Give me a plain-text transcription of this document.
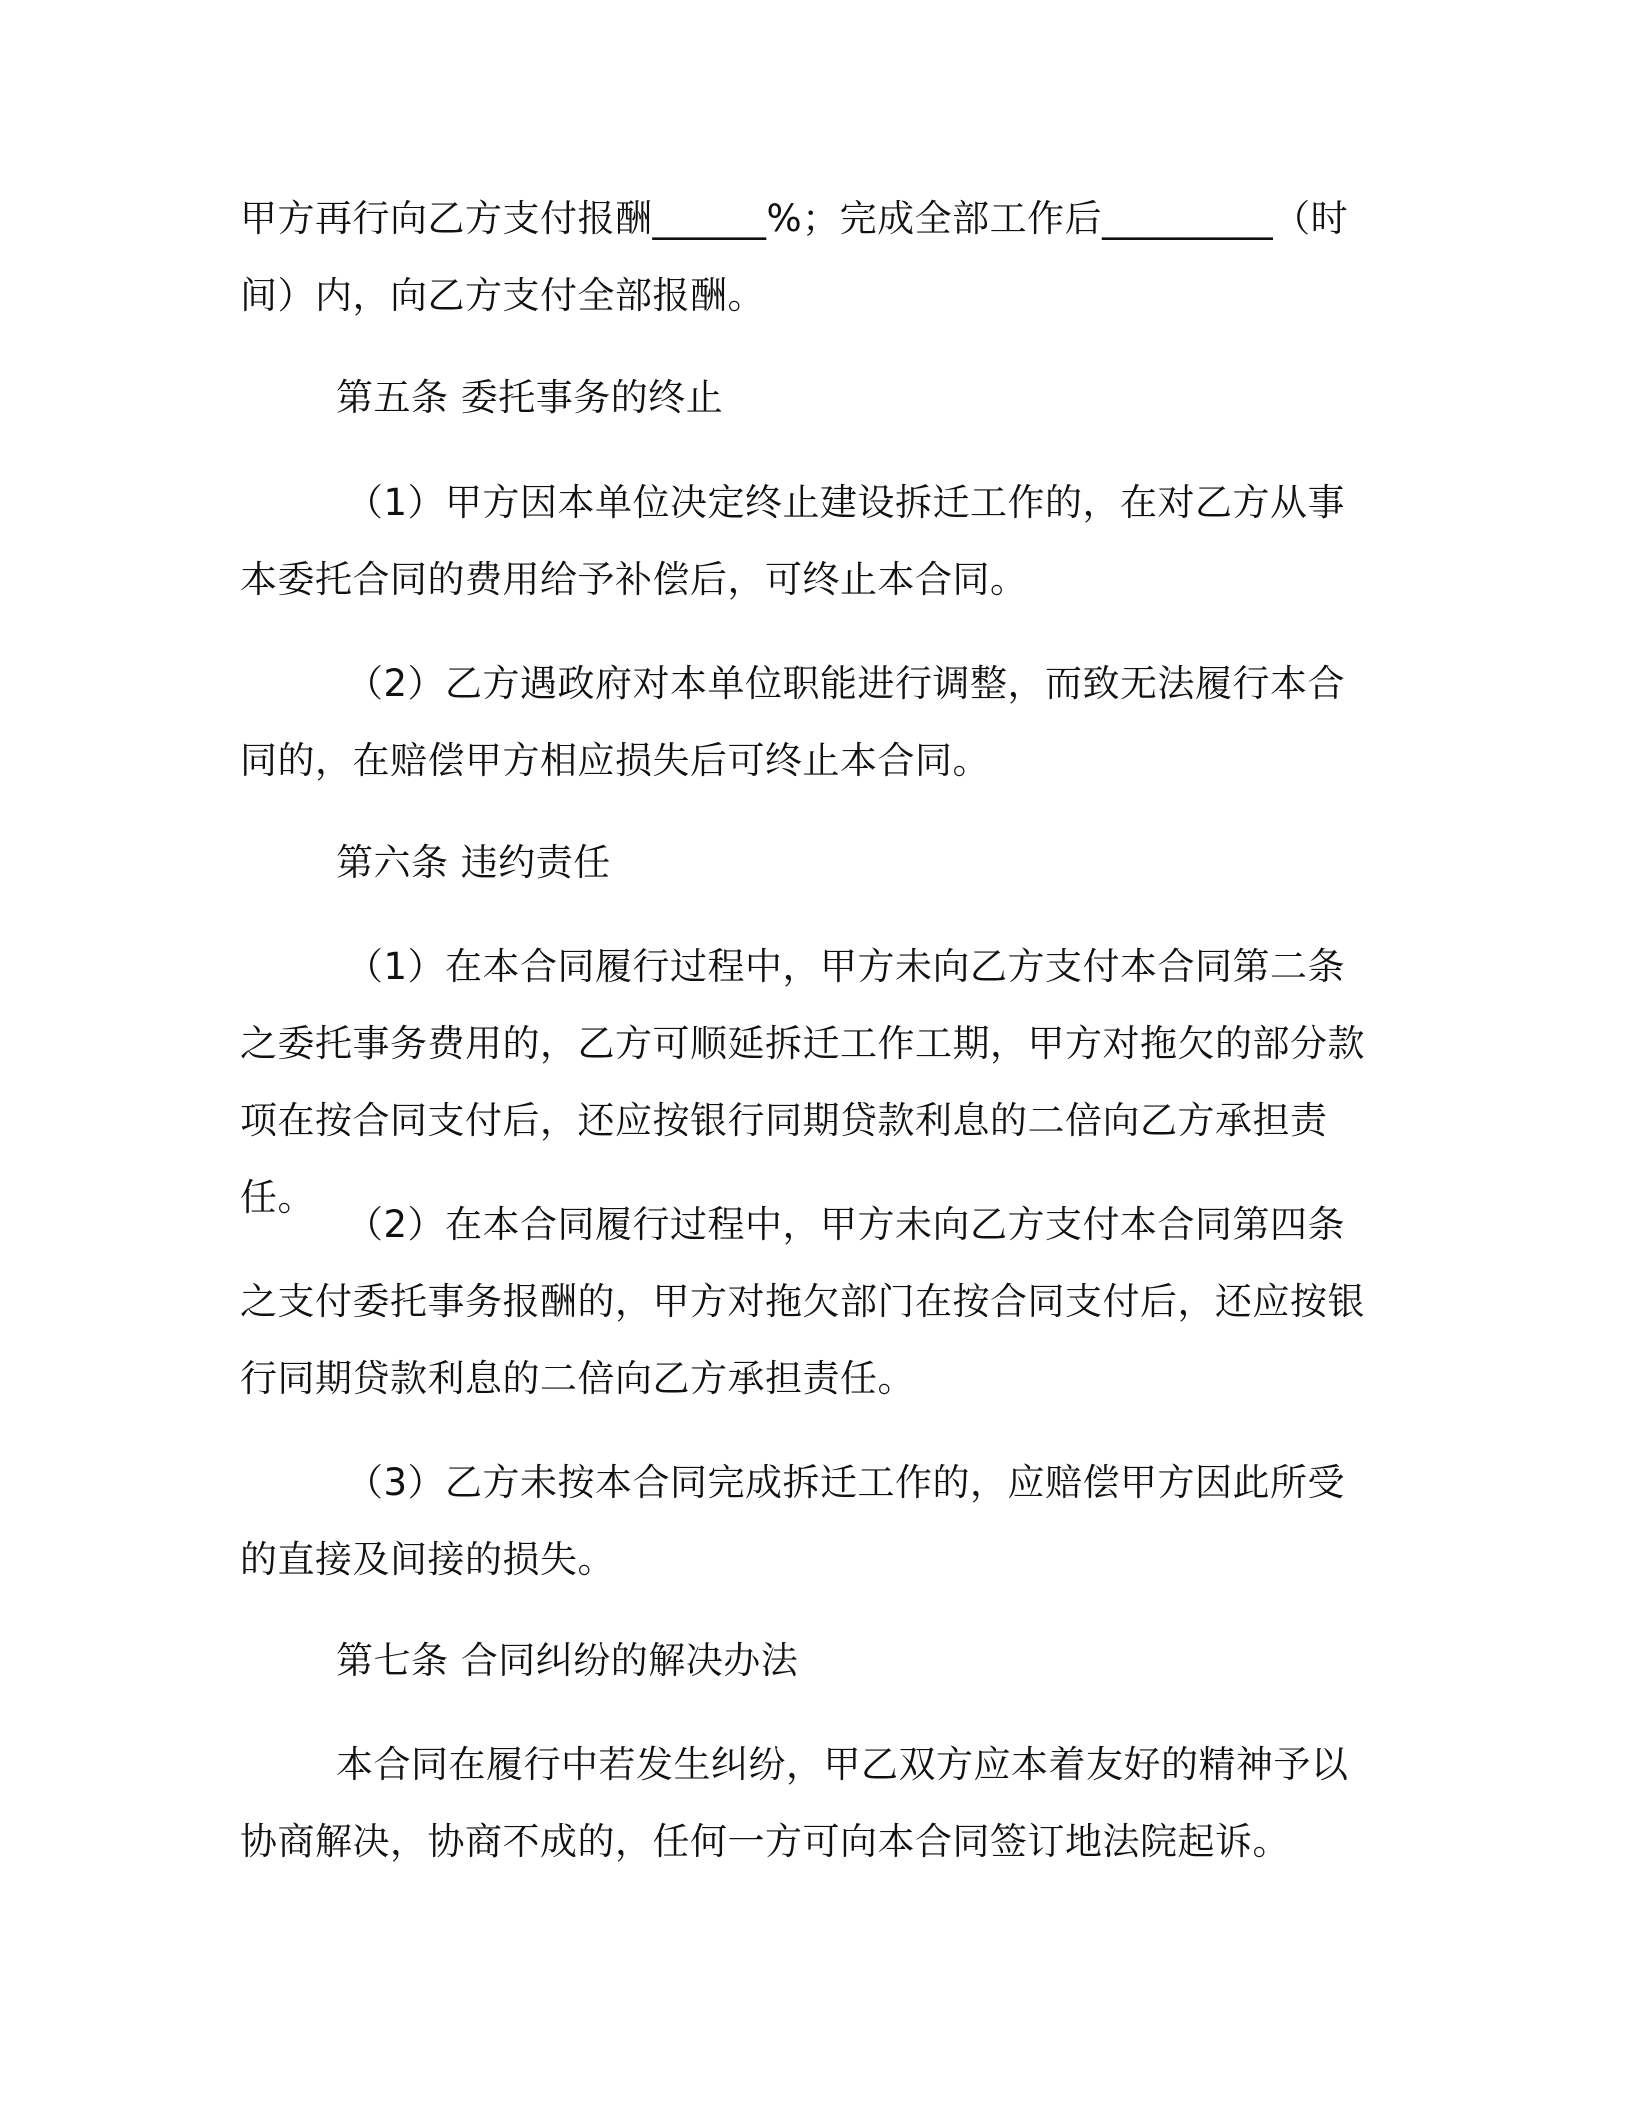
甲方再行向乙方支付报酬______%；完成全部工作后_________（时间）内，向乙方支付全部报酬。

第五条 委托事务的终止

（1）甲方因本单位决定终止建设拆迁工作的，在对乙方从事本委托合同的费用给予补偿后，可终止本合同。

（2）乙方遇政府对本单位职能进行调整，而致无法履行本合同的，在赔偿甲方相应损失后可终止本合同。

第六条 违约责任

（1）在本合同履行过程中，甲方未向乙方支付本合同第二条之委托事务费用的，乙方可顺延拆迁工作工期，甲方对拖欠的部分款项在按合同支付后，还应按银行同期贷款利息的二倍向乙方承担责任。

（2）在本合同履行过程中，甲方未向乙方支付本合同第四条之支付委托事务报酬的，甲方对拖欠部门在按合同支付后，还应按银行同期贷款利息的二倍向乙方承担责任。

（3）乙方未按本合同完成拆迁工作的，应赔偿甲方因此所受的直接及间接的损失。

第七条 合同纠纷的解决办法

本合同在履行中若发生纠纷，甲乙双方应本着友好的精神予以协商解决，协商不成的，任何一方可向本合同签订地法院起诉。
